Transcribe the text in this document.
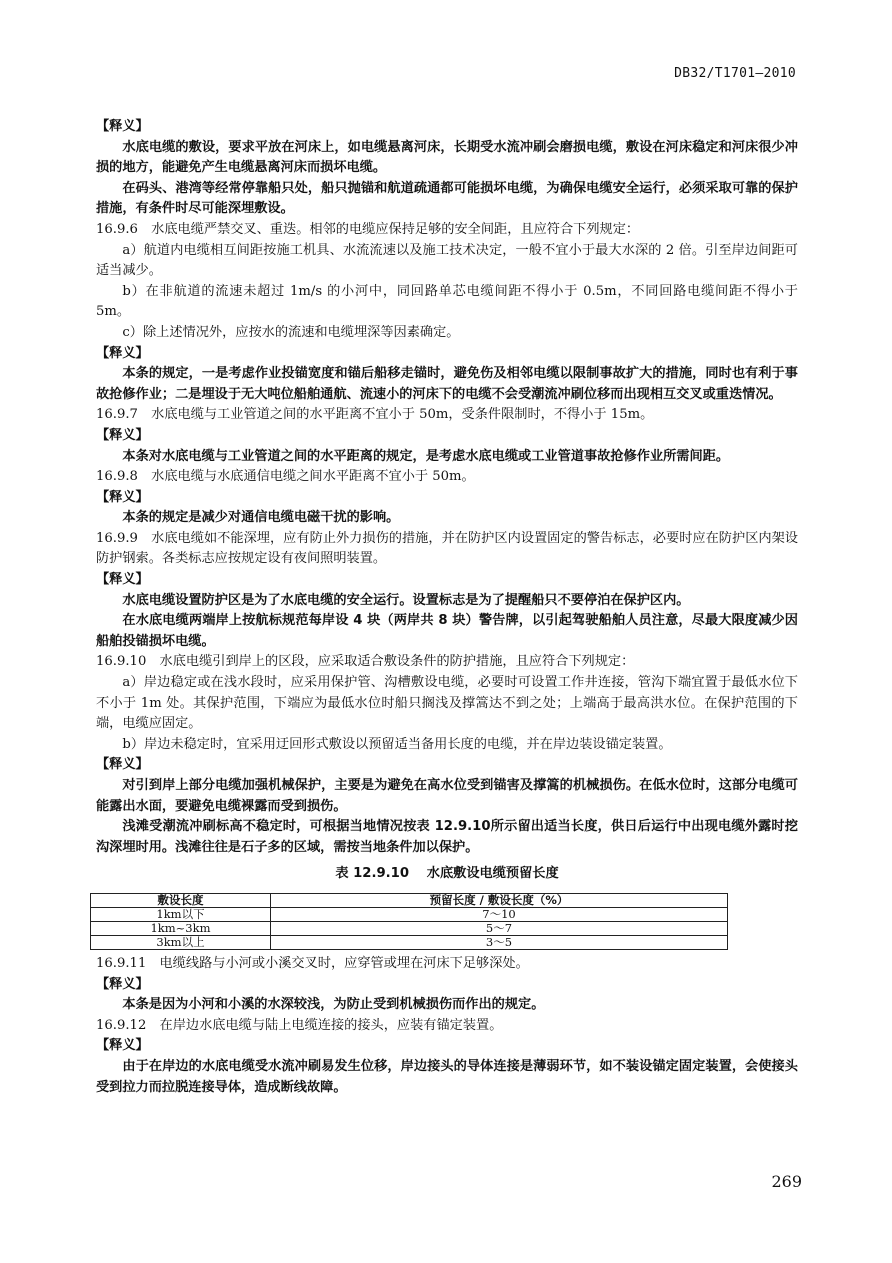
DB32/T1701—2010

【释义】

水底电缆的敷设，要求平放在河床上，如电缆悬离河床，长期受水流冲刷会磨损电缆，敷设在河床稳定和河床很少冲损的地方，能避免产生电缆悬离河床而损坏电缆。

在码头、港湾等经常停靠船只处，船只抛锚和航道疏通都可能损坏电缆，为确保电缆安全运行，必须采取可靠的保护措施，有条件时尽可能深埋敷设。

16.9.6　水底电缆严禁交叉、重迭。相邻的电缆应保持足够的安全间距，且应符合下列规定：

a）航道内电缆相互间距按施工机具、水流流速以及施工技术决定，一般不宜小于最大水深的 2 倍。引至岸边间距可适当减少。

b）在非航道的流速未超过 1m/s 的小河中，同回路单芯电缆间距不得小于 0.5m，不同回路电缆间距不得小于 5m。

c）除上述情况外，应按水的流速和电缆埋深等因素确定。

【释义】

本条的规定，一是考虑作业投锚宽度和锚后船移走锚时，避免伤及相邻电缆以限制事故扩大的措施，同时也有利于事故抢修作业；二是埋设于无大吨位船舶通航、流速小的河床下的电缆不会受潮流冲刷位移而出现相互交叉或重迭情况。

16.9.7　水底电缆与工业管道之间的水平距离不宜小于 50m，受条件限制时，不得小于 15m。

【释义】

本条对水底电缆与工业管道之间的水平距离的规定，是考虑水底电缆或工业管道事故抢修作业所需间距。

16.9.8　水底电缆与水底通信电缆之间水平距离不宜小于 50m。

【释义】

本条的规定是减少对通信电缆电磁干扰的影响。

16.9.9　水底电缆如不能深埋，应有防止外力损伤的措施，并在防护区内设置固定的警告标志，必要时应在防护区内架设防护钢索。各类标志应按规定设有夜间照明装置。

【释义】

水底电缆设置防护区是为了水底电缆的安全运行。设置标志是为了提醒船只不要停泊在保护区内。

在水底电缆两端岸上按航标规范每岸设 4 块（两岸共 8 块）警告牌，以引起驾驶船舶人员注意，尽最大限度减少因船舶投锚损坏电缆。

16.9.10　水底电缆引到岸上的区段，应采取适合敷设条件的防护措施，且应符合下列规定：

a）岸边稳定或在浅水段时，应采用保护管、沟槽敷设电缆，必要时可设置工作井连接，管沟下端宜置于最低水位下不小于 1m 处。其保护范围，下端应为最低水位时船只搁浅及撑篙达不到之处；上端高于最高洪水位。在保护范围的下端，电缆应固定。

b）岸边未稳定时，宜采用迂回形式敷设以预留适当备用长度的电缆，并在岸边装设锚定装置。

【释义】

对引到岸上部分电缆加强机械保护，主要是为避免在高水位受到锚害及撑篙的机械损伤。在低水位时，这部分电缆可能露出水面，要避免电缆裸露而受到损伤。

浅滩受潮流冲刷标高不稳定时，可根据当地情况按表 12.9.10所示留出适当长度，供日后运行中出现电缆外露时挖沟深埋时用。浅滩往往是石子多的区域，需按当地条件加以保护。

表 12.9.10　 水底敷设电缆预留长度
敷设长度	预留长度 / 敷设长度（%）
1km以下	7～10
1km~3km	5～7
3km以上	3～5

16.9.11　电缆线路与小河或小溪交叉时，应穿管或埋在河床下足够深处。

【释义】

本条是因为小河和小溪的水深较浅，为防止受到机械损伤而作出的规定。

16.9.12　在岸边水底电缆与陆上电缆连接的接头，应装有锚定装置。

【释义】

由于在岸边的水底电缆受水流冲刷易发生位移，岸边接头的导体连接是薄弱环节，如不装设锚定固定装置，会使接头受到拉力而拉脱连接导体，造成断线故障。

269
